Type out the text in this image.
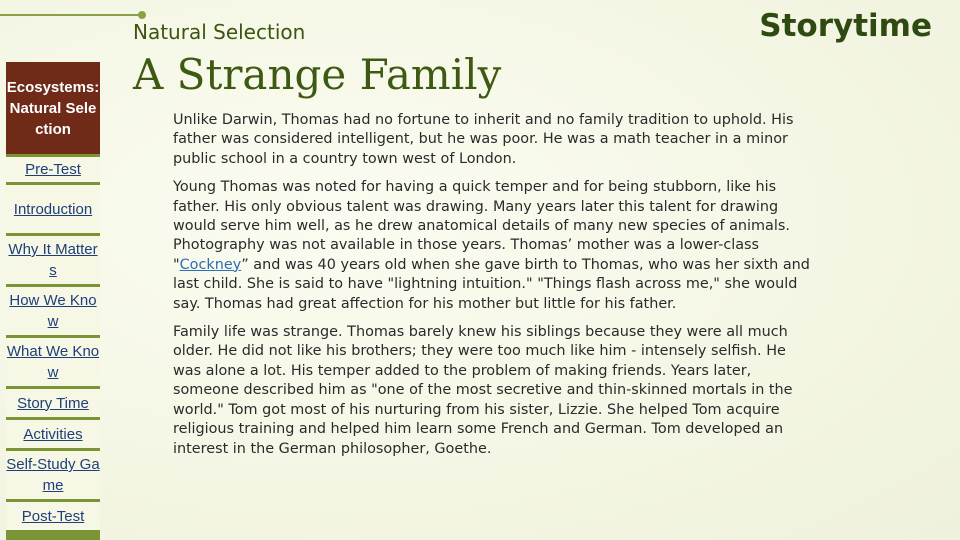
Natural Selection	Storytime
A Strange Family
Ecosystems: Natural Selection
Pre-Test
Introduction
Why It Matters
How We Know
What We Know
Story Time
Activities
Self-Study Game
Post-Test

Unlike Darwin, Thomas had no fortune to inherit and no family tradition to uphold. His father was considered intelligent, but he was poor. He was a math teacher in a minor public school in a country town west of London.

Young Thomas was noted for having a quick temper and for being stubborn, like his father. His only obvious talent was drawing. Many years later this talent for drawing would serve him well, as he drew anatomical details of many new species of animals. Photography was not available in those years. Thomas’ mother was a lower-class "Cockney” and was 40 years old when she gave birth to Thomas, who was her sixth and last child. She is said to have "lightning intuition." "Things flash across me," she would say. Thomas had great affection for his mother but little for his father.

Family life was strange. Thomas barely knew his siblings because they were all much older. He did not like his brothers; they were too much like him - intensely selfish. He was alone a lot. His temper added to the problem of making friends. Years later, someone described him as "one of the most secretive and thin-skinned mortals in the world." Tom got most of his nurturing from his sister, Lizzie. She helped Tom acquire religious training and helped him learn some French and German. Tom developed an interest in the German philosopher, Goethe.
